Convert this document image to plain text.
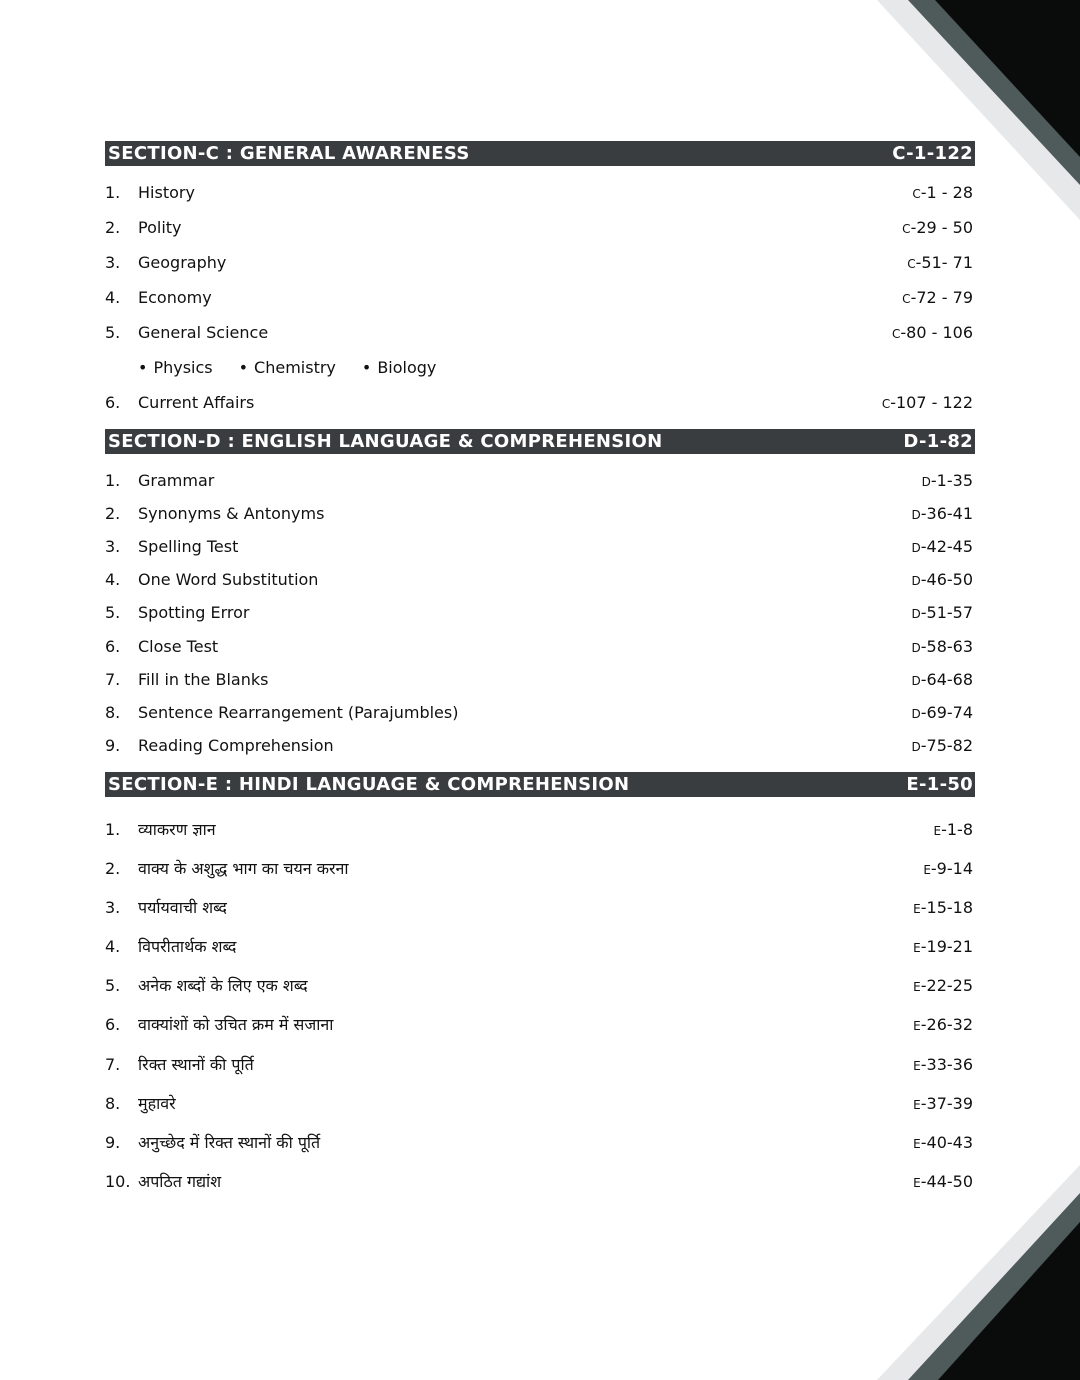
SECTION-C : GENERAL AWARENESS	C-1-122
1.	History	C-1 - 28
2.	Polity	C-29 - 50
3.	Geography	C-51- 71
4.	Economy	C-72 - 79
5.	General Science	C-80 - 106
6.	Current Affairs	C-107 - 122
• Physics • Chemistry • Biology
SECTION-D : ENGLISH LANGUAGE & COMPREHENSION	D-1-82
1.	Grammar	D-1-35
2.	Synonyms & Antonyms	D-36-41
3.	Spelling Test	D-42-45
4.	One Word Substitution	D-46-50
5.	Spotting Error	D-51-57
6.	Close Test	D-58-63
7.	Fill in the Blanks	D-64-68
8.	Sentence Rearrangement (Parajumbles)	D-69-74
9.	Reading Comprehension	D-75-82
SECTION-E : HINDI LANGUAGE & COMPREHENSION	E-1-50
1.	व्याकरण ज्ञान	E-1-8
2.	वाक्य के अशुद्ध भाग का चयन करना	E-9-14
3.	पर्यायवाची शब्द	E-15-18
4.	विपरीतार्थक शब्द	E-19-21
5.	अनेक शब्दों के लिए एक शब्द	E-22-25
6.	वाक्यांशों को उचित क्रम में सजाना	E-26-32
7.	रिक्त स्थानों की पूर्ति	E-33-36
8.	मुहावरे	E-37-39
9.	अनुच्छेद में रिक्त स्थानों की पूर्ति	E-40-43
10. अपठित गद्यांश	E-44-50
